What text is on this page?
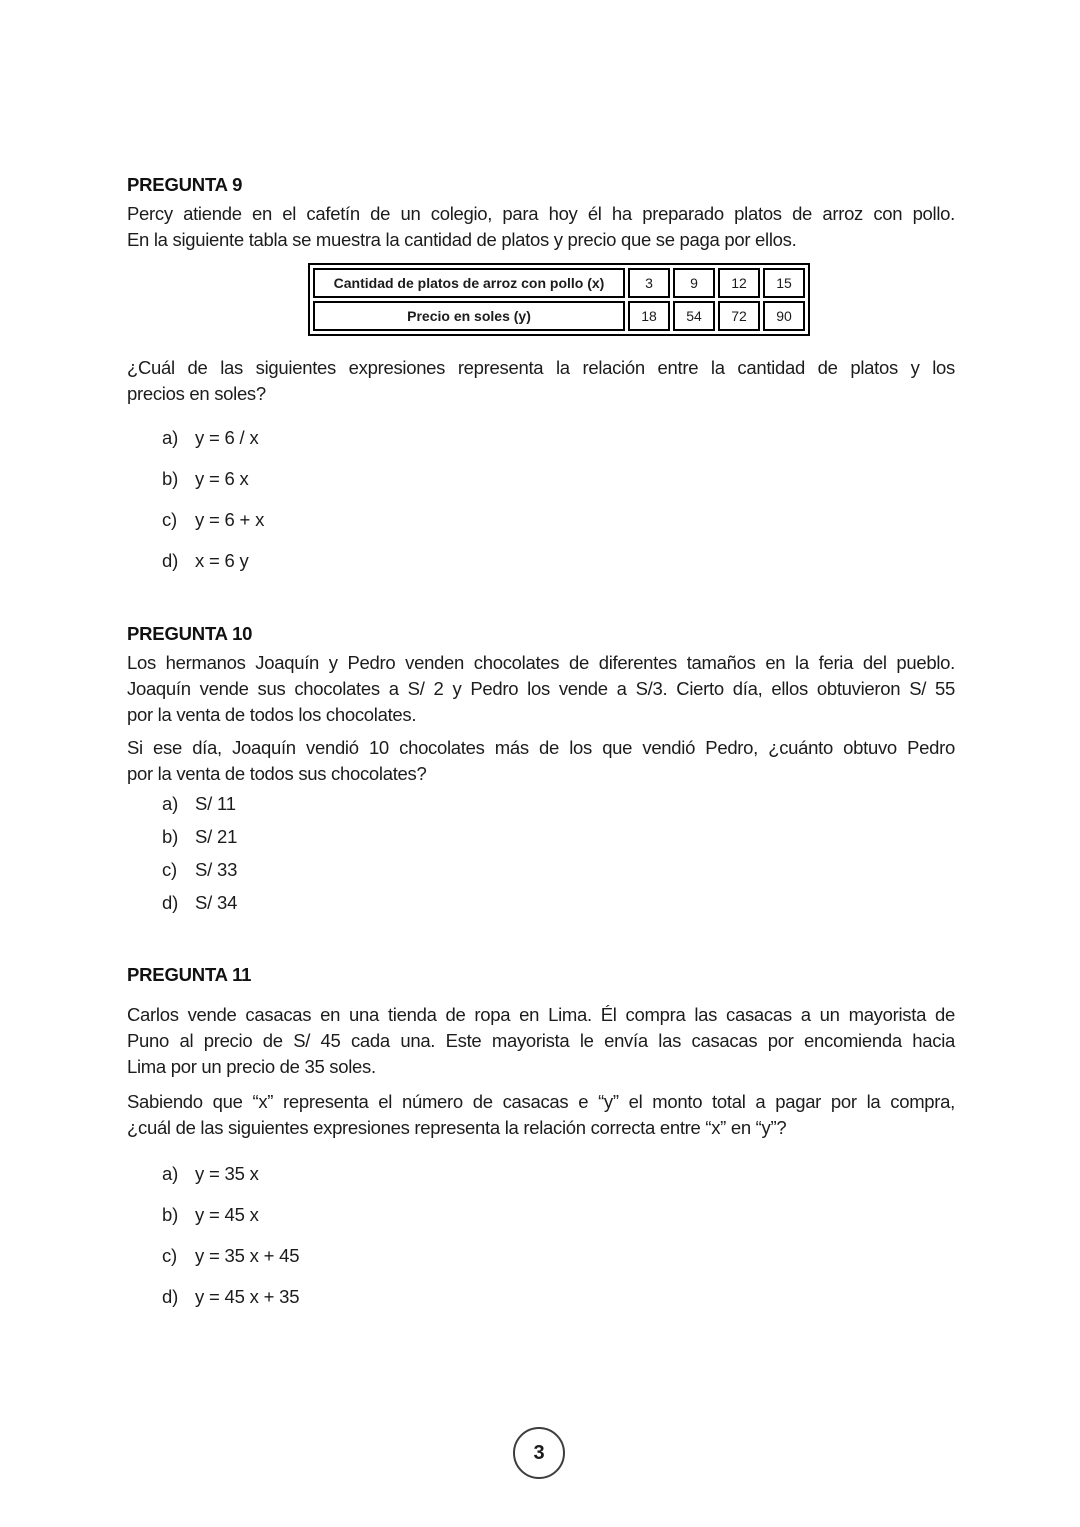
PREGUNTA 9
Percy atiende en el cafetín de un colegio, para hoy él ha preparado platos de arroz con pollo.
En la siguiente tabla se muestra la cantidad de platos y precio que se paga por ellos.
Cantidad de platos de arroz con pollo (x)	3	9	12	15
Precio en soles (y)	18	54	72	90
¿Cuál de las siguientes expresiones representa la relación entre la cantidad de platos y los
precios en soles?
a) y = 6 / x
b) y = 6 x
c) y = 6 + x
d) x = 6 y
PREGUNTA 10
Los hermanos Joaquín y Pedro venden chocolates de diferentes tamaños en la feria del pueblo.
Joaquín vende sus chocolates a S/ 2 y Pedro los vende a S/3. Cierto día, ellos obtuvieron S/ 55
por la venta de todos los chocolates.
Si ese día, Joaquín vendió 10 chocolates más de los que vendió Pedro, ¿cuánto obtuvo Pedro
por la venta de todos sus chocolates?
a) S/ 11
b) S/ 21
c) S/ 33
d) S/ 34
PREGUNTA 11
Carlos vende casacas en una tienda de ropa en Lima. Él compra las casacas a un mayorista de
Puno al precio de S/ 45 cada una. Este mayorista le envía las casacas por encomienda hacia
Lima por un precio de 35 soles.
Sabiendo que “x” representa el número de casacas e “y” el monto total a pagar por la compra,
¿cuál de las siguientes expresiones representa la relación correcta entre “x” en “y”?
a) y = 35 x
b) y = 45 x
c) y = 35 x + 45
d) y = 45 x + 35
3
